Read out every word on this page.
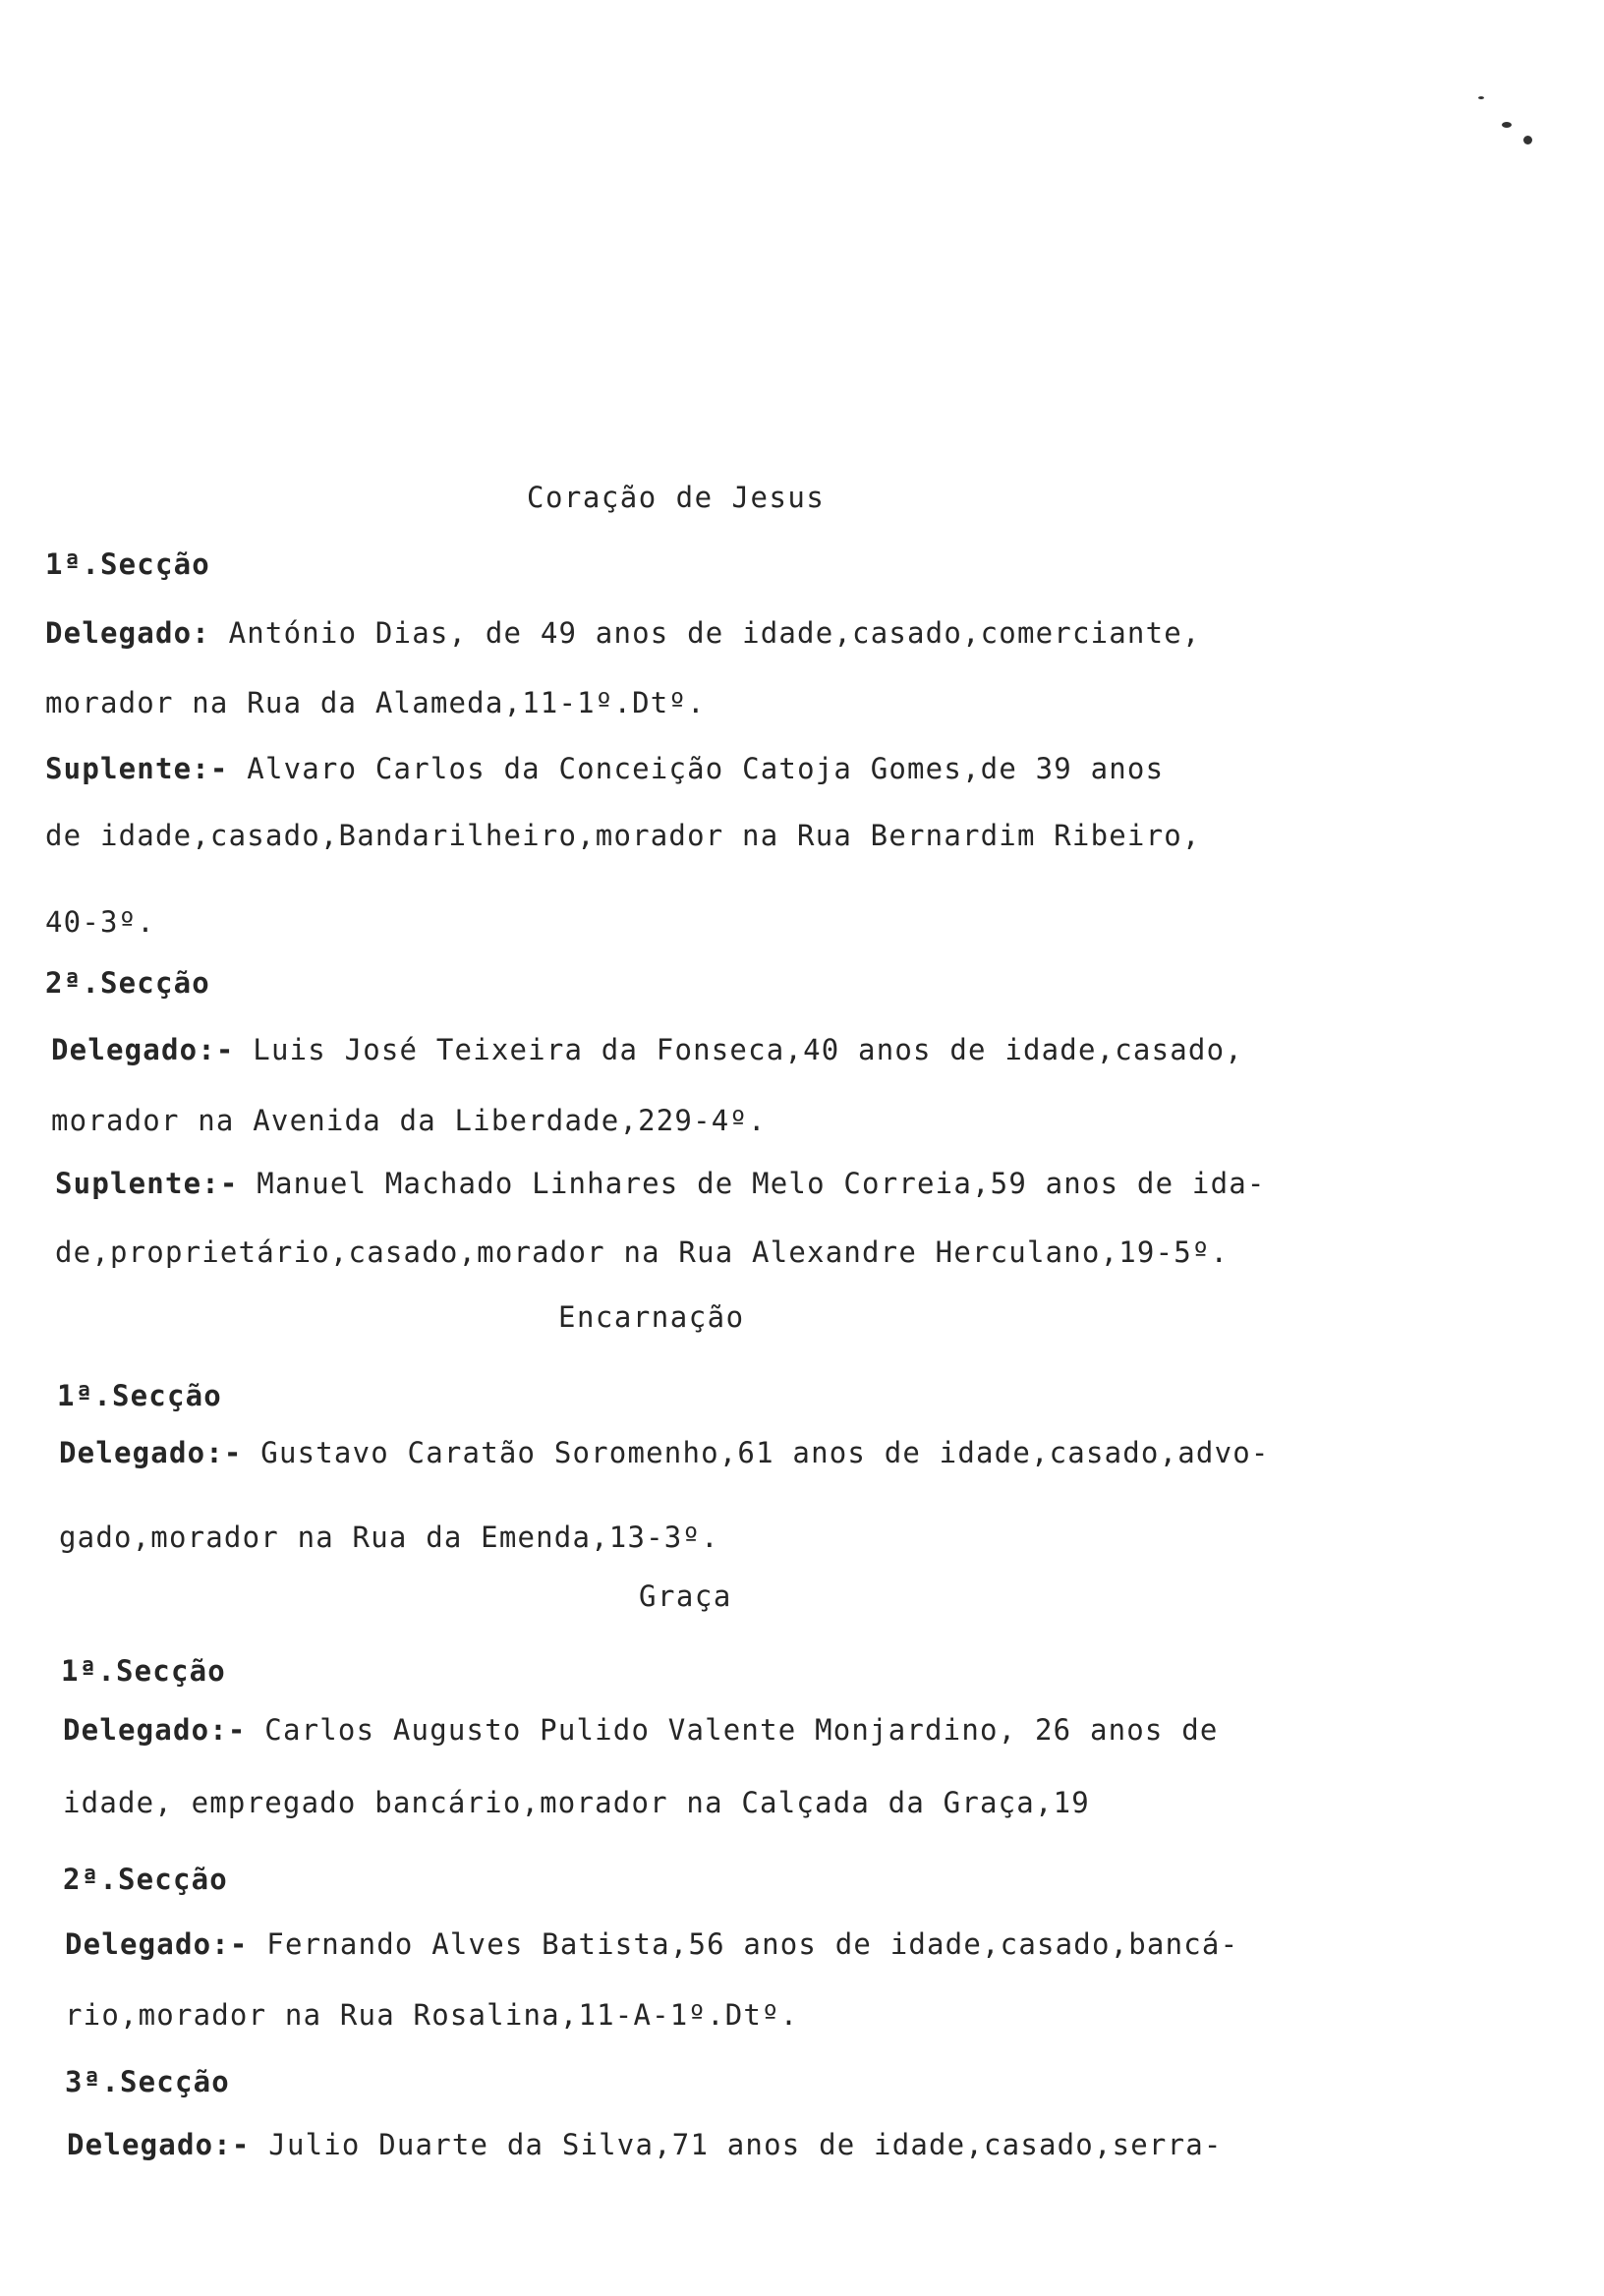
Coração de Jesus

1ª.Secção

Delegado: António Dias, de 49 anos de idade,casado,comerciante,

morador na Rua da Alameda,11-1º.Dtº.

Suplente:- Alvaro Carlos da Conceição Catoja Gomes,de 39 anos

de idade,casado,Bandarilheiro,morador na Rua Bernardim Ribeiro,

40-3º.

2ª.Secção

Delegado:- Luis José Teixeira da Fonseca,40 anos de idade,casado,

morador na Avenida da Liberdade,229-4º.

Suplente:- Manuel Machado Linhares de Melo Correia,59 anos de ida-

de,proprietário,casado,morador na Rua Alexandre Herculano,19-5º.

Encarnação

1ª.Secção

Delegado:- Gustavo Caratão Soromenho,61 anos de idade,casado,advo-

gado,morador na Rua da Emenda,13-3º.

Graça

1ª.Secção

Delegado:- Carlos Augusto Pulido Valente Monjardino, 26 anos de

idade, empregado bancário,morador na Calçada da Graça,19

2ª.Secção

Delegado:- Fernando Alves Batista,56 anos de idade,casado,bancá-

rio,morador na Rua Rosalina,11-A-1º.Dtº.

3ª.Secção

Delegado:- Julio Duarte da Silva,71 anos de idade,casado,serra-
